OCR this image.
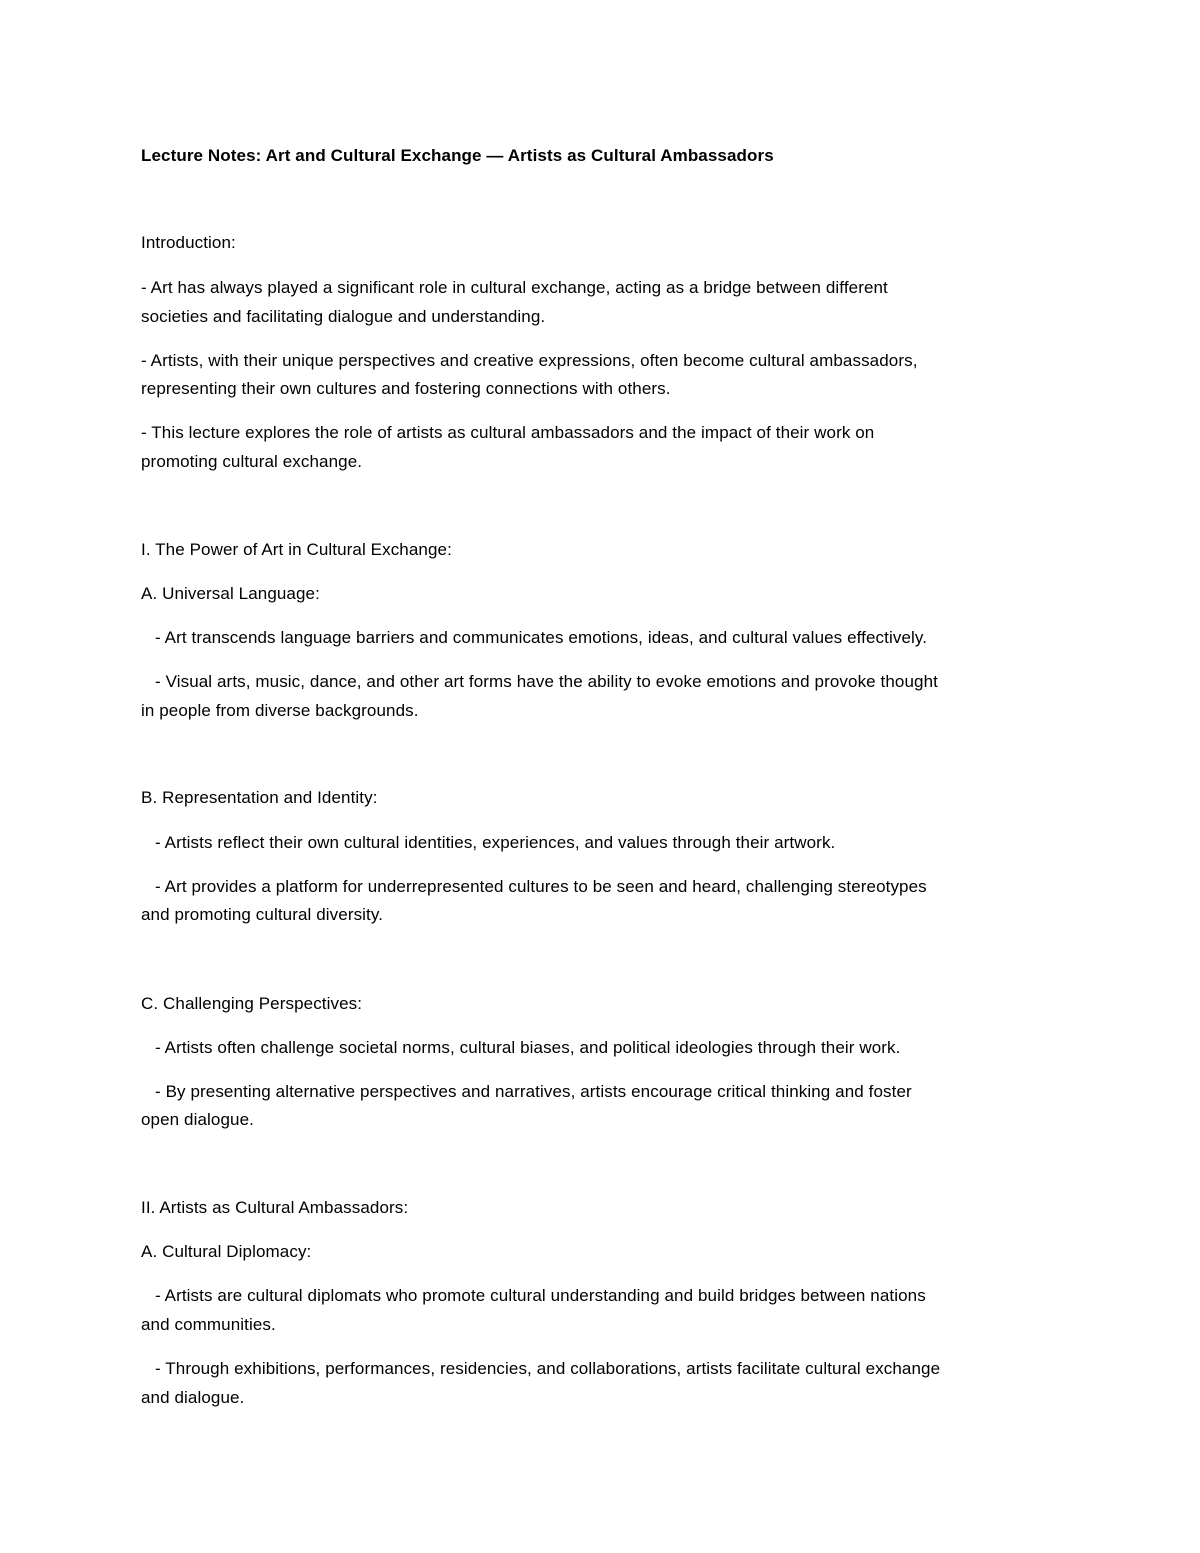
Lecture Notes: Art and Cultural Exchange — Artists as Cultural Ambassadors

Introduction:

- Art has always played a significant role in cultural exchange, acting as a bridge between different

societies and facilitating dialogue and understanding.

- Artists, with their unique perspectives and creative expressions, often become cultural ambassadors,

representing their own cultures and fostering connections with others.

- This lecture explores the role of artists as cultural ambassadors and the impact of their work on

promoting cultural exchange.

I. The Power of Art in Cultural Exchange:

A. Universal Language:

- Art transcends language barriers and communicates emotions, ideas, and cultural values effectively.

- Visual arts, music, dance, and other art forms have the ability to evoke emotions and provoke thought

in people from diverse backgrounds.

B. Representation and Identity:

- Artists reflect their own cultural identities, experiences, and values through their artwork.

- Art provides a platform for underrepresented cultures to be seen and heard, challenging stereotypes

and promoting cultural diversity.

C. Challenging Perspectives:

- Artists often challenge societal norms, cultural biases, and political ideologies through their work.

- By presenting alternative perspectives and narratives, artists encourage critical thinking and foster

open dialogue.

II. Artists as Cultural Ambassadors:

A. Cultural Diplomacy:

- Artists are cultural diplomats who promote cultural understanding and build bridges between nations

and communities.

- Through exhibitions, performances, residencies, and collaborations, artists facilitate cultural exchange

and dialogue.
